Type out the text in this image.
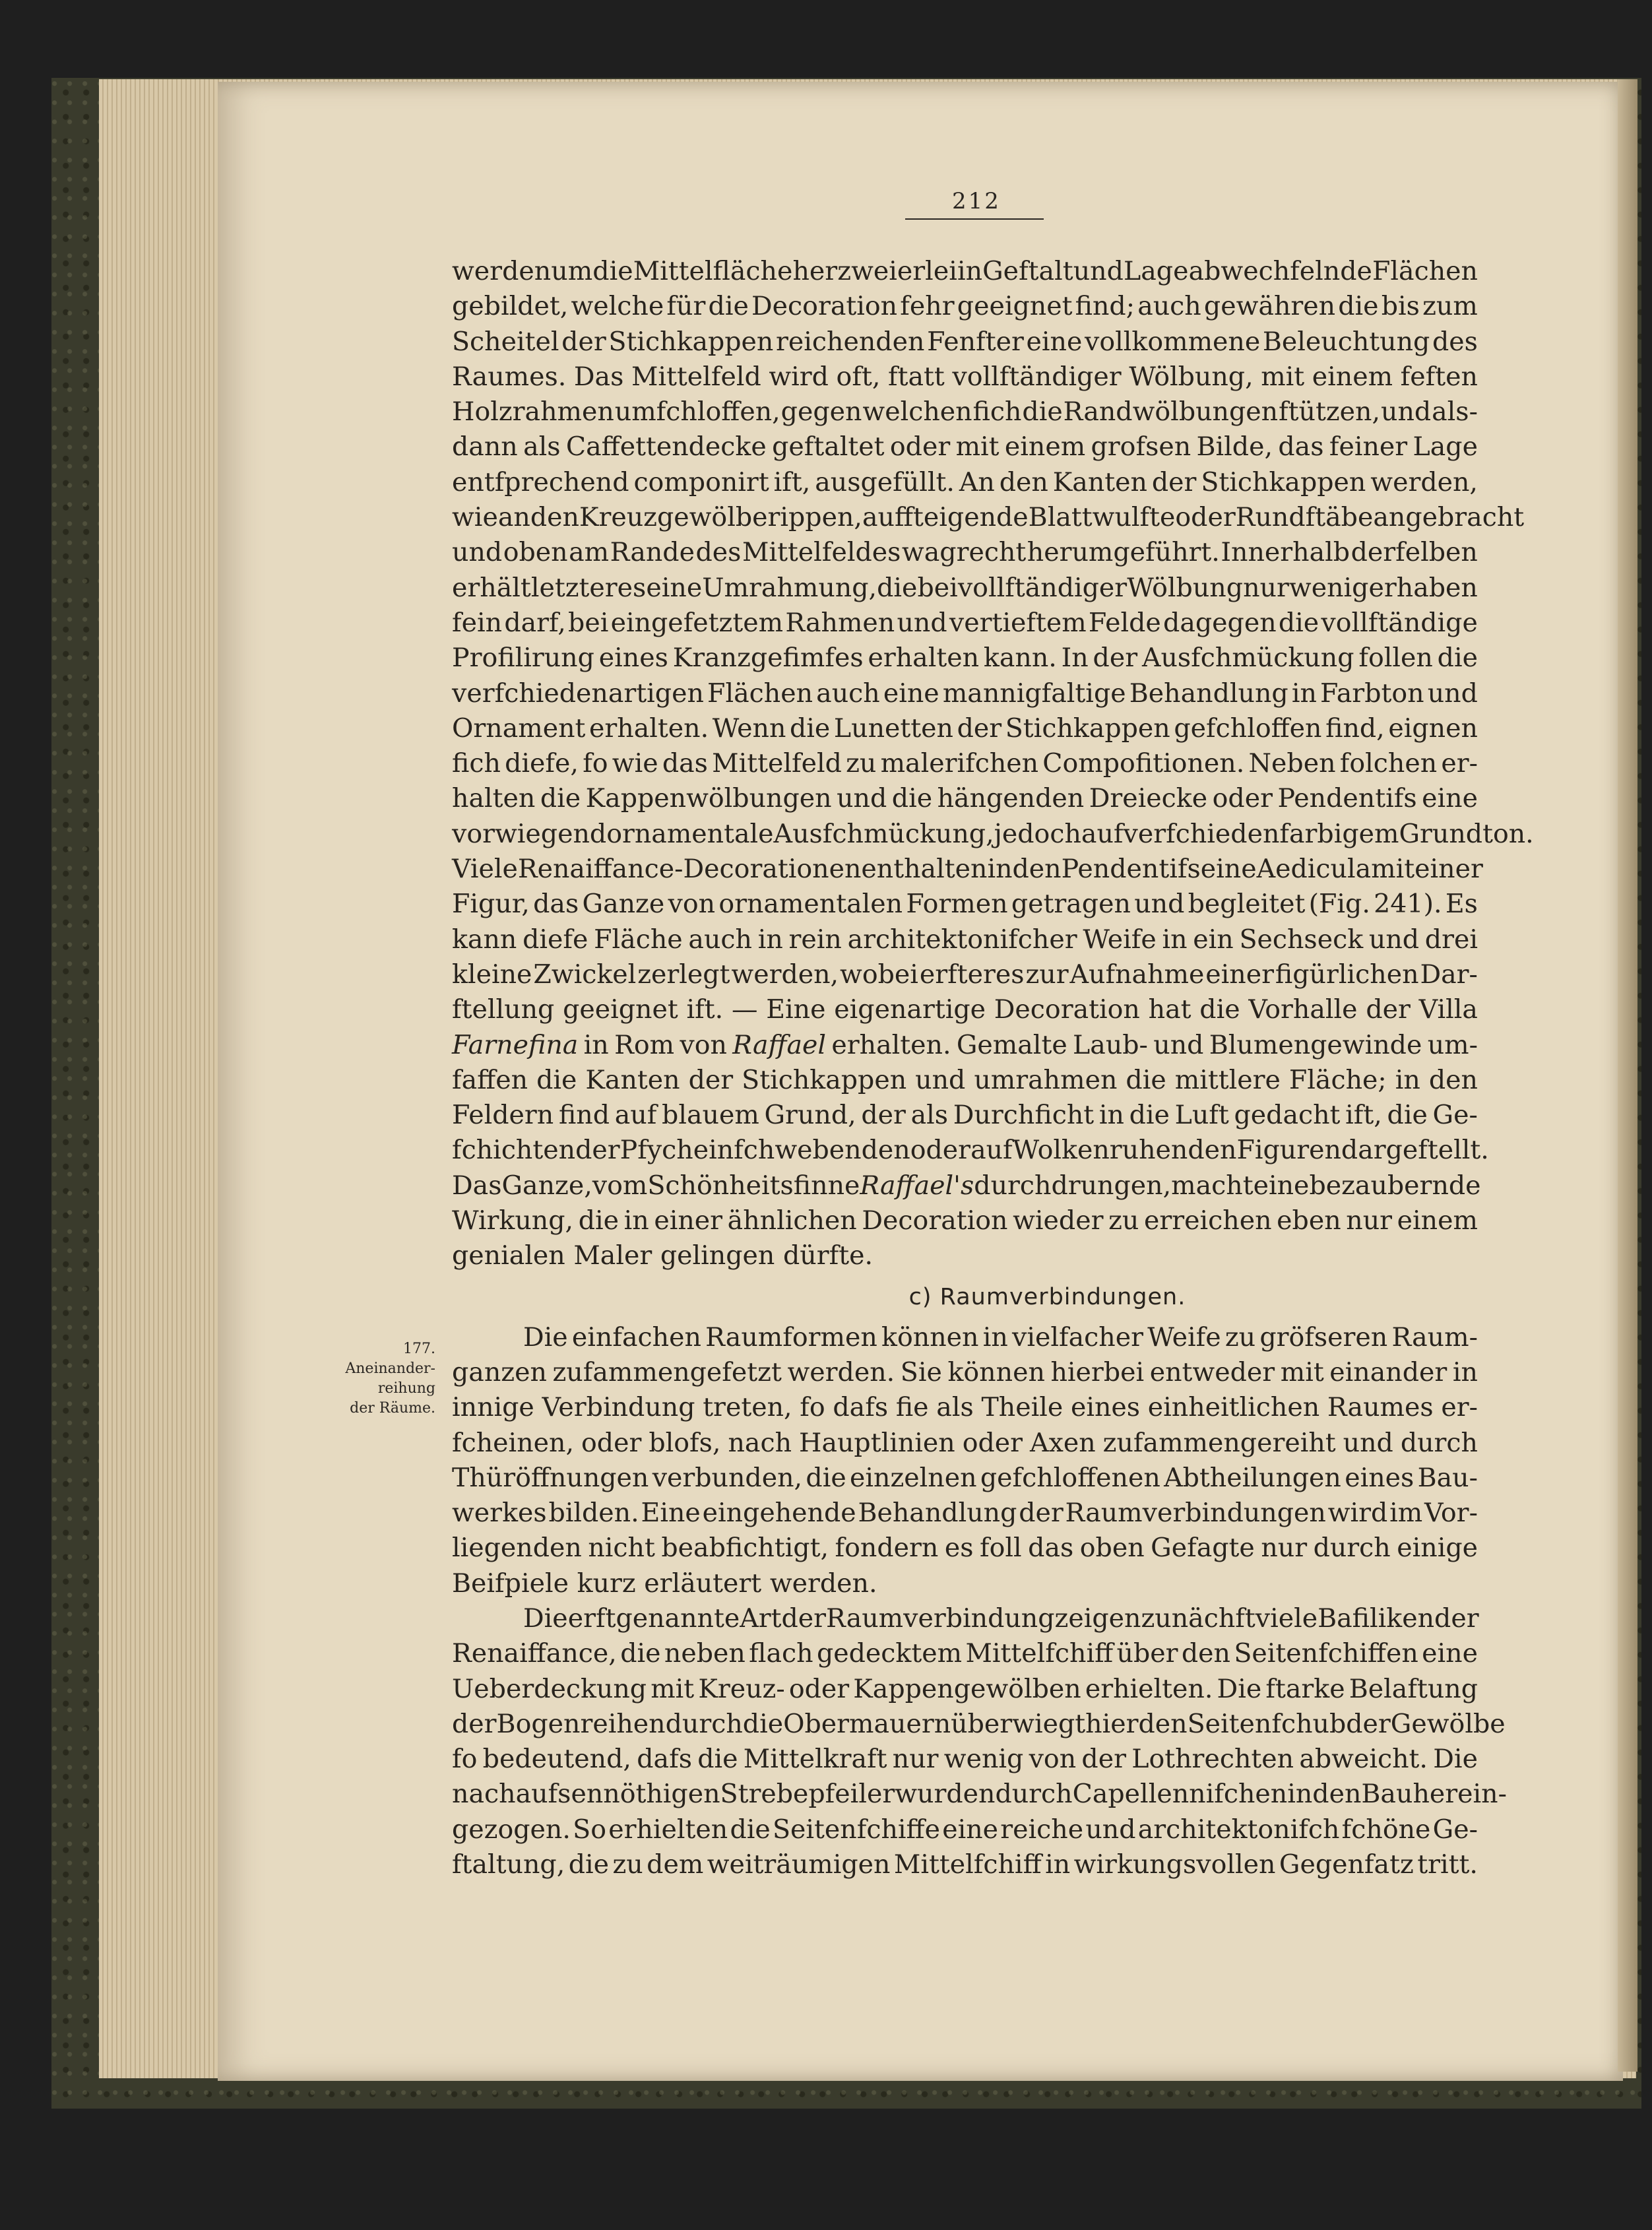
212
177.
Aneinander-
reihung
der Räume.
werden um die Mittelfläche her zweierlei in Geftalt und Lage abwechfelnde Flächen
gebildet, welche für die Decoration fehr geeignet find; auch gewähren die bis zum
Scheitel der Stichkappen reichenden Fenfter eine vollkommene Beleuchtung des
Raumes. Das Mittelfeld wird oft, ftatt vollftändiger Wölbung, mit einem feften
Holzrahmen umfchloffen, gegen welchen fich die Randwölbungen ftützen, und als-
dann als Caffettendecke geftaltet oder mit einem grofsen Bilde, das feiner Lage
entfprechend componirt ift, ausgefüllt. An den Kanten der Stichkappen werden,
wie an den Kreuzgewölberippen, auffteigende Blattwulfte oder Rundftäbe angebracht
und oben am Rande des Mittelfeldes wagrecht herumgeführt. Innerhalb derfelben
erhält letzteres eine Umrahmung, die bei vollftändiger Wölbung nur wenig erhaben
fein darf, bei eingefetztem Rahmen und vertieftem Felde dagegen die vollftändige
Profilirung eines Kranzgefimfes erhalten kann. In der Ausfchmückung follen die
verfchiedenartigen Flächen auch eine mannigfaltige Behandlung in Farbton und
Ornament erhalten. Wenn die Lunetten der Stichkappen gefchloffen find, eignen
fich diefe, fo wie das Mittelfeld zu malerifchen Compofitionen. Neben folchen er-
halten die Kappenwölbungen und die hängenden Dreiecke oder Pendentifs eine
vorwiegend ornamentale Ausfchmückung, jedoch auf verfchiedenfarbigem Grundton.
Viele Renaiffance-Decorationen enthalten in den Pendentifs eine Aedicula mit einer
Figur, das Ganze von ornamentalen Formen getragen und begleitet (Fig. 241). Es
kann diefe Fläche auch in rein architektonifcher Weife in ein Sechseck und drei
kleine Zwickel zerlegt werden, wobei erfteres zur Aufnahme einer figürlichen Dar-
ftellung geeignet ift. — Eine eigenartige Decoration hat die Vorhalle der Villa
Farnefina in Rom von Raffael erhalten. Gemalte Laub- und Blumengewinde um-
faffen die Kanten der Stichkappen und umrahmen die mittlere Fläche; in den
Feldern find auf blauem Grund, der als Durchficht in die Luft gedacht ift, die Ge-
fchichten der Pfyche in fchwebenden oder auf Wolken ruhenden Figuren dargeftellt.
Das Ganze, vom Schönheitsfinne Raffael's durchdrungen, macht eine bezaubernde
Wirkung, die in einer ähnlichen Decoration wieder zu erreichen eben nur einem
genialen Maler gelingen dürfte.
c) Raumverbindungen.
Die einfachen Raumformen können in vielfacher Weife zu gröfseren Raum-
ganzen zufammengefetzt werden. Sie können hierbei entweder mit einander in
innige Verbindung treten, fo dafs fie als Theile eines einheitlichen Raumes er-
fcheinen, oder blofs, nach Hauptlinien oder Axen zufammengereiht und durch
Thüröffnungen verbunden, die einzelnen gefchloffenen Abtheilungen eines Bau-
werkes bilden. Eine eingehende Behandlung der Raumverbindungen wird im Vor-
liegenden nicht beabfichtigt, fondern es foll das oben Gefagte nur durch einige
Beifpiele kurz erläutert werden.
Die erftgenannte Art der Raumverbindung zeigen zunächft viele Bafiliken der
Renaiffance, die neben flach gedecktem Mittelfchiff über den Seitenfchiffen eine
Ueberdeckung mit Kreuz- oder Kappengewölben erhielten. Die ftarke Belaftung
der Bogenreihen durch die Obermauern überwiegt hier den Seitenfchub der Gewölbe
fo bedeutend, dafs die Mittelkraft nur wenig von der Lothrechten abweicht. Die
nach aufsen nöthigen Strebepfeiler wurden durch Capellennifchen in den Bau herein-
gezogen. So erhielten die Seitenfchiffe eine reiche und architektonifch fchöne Ge-
ftaltung, die zu dem weiträumigen Mittelfchiff in wirkungsvollen Gegenfatz tritt.
